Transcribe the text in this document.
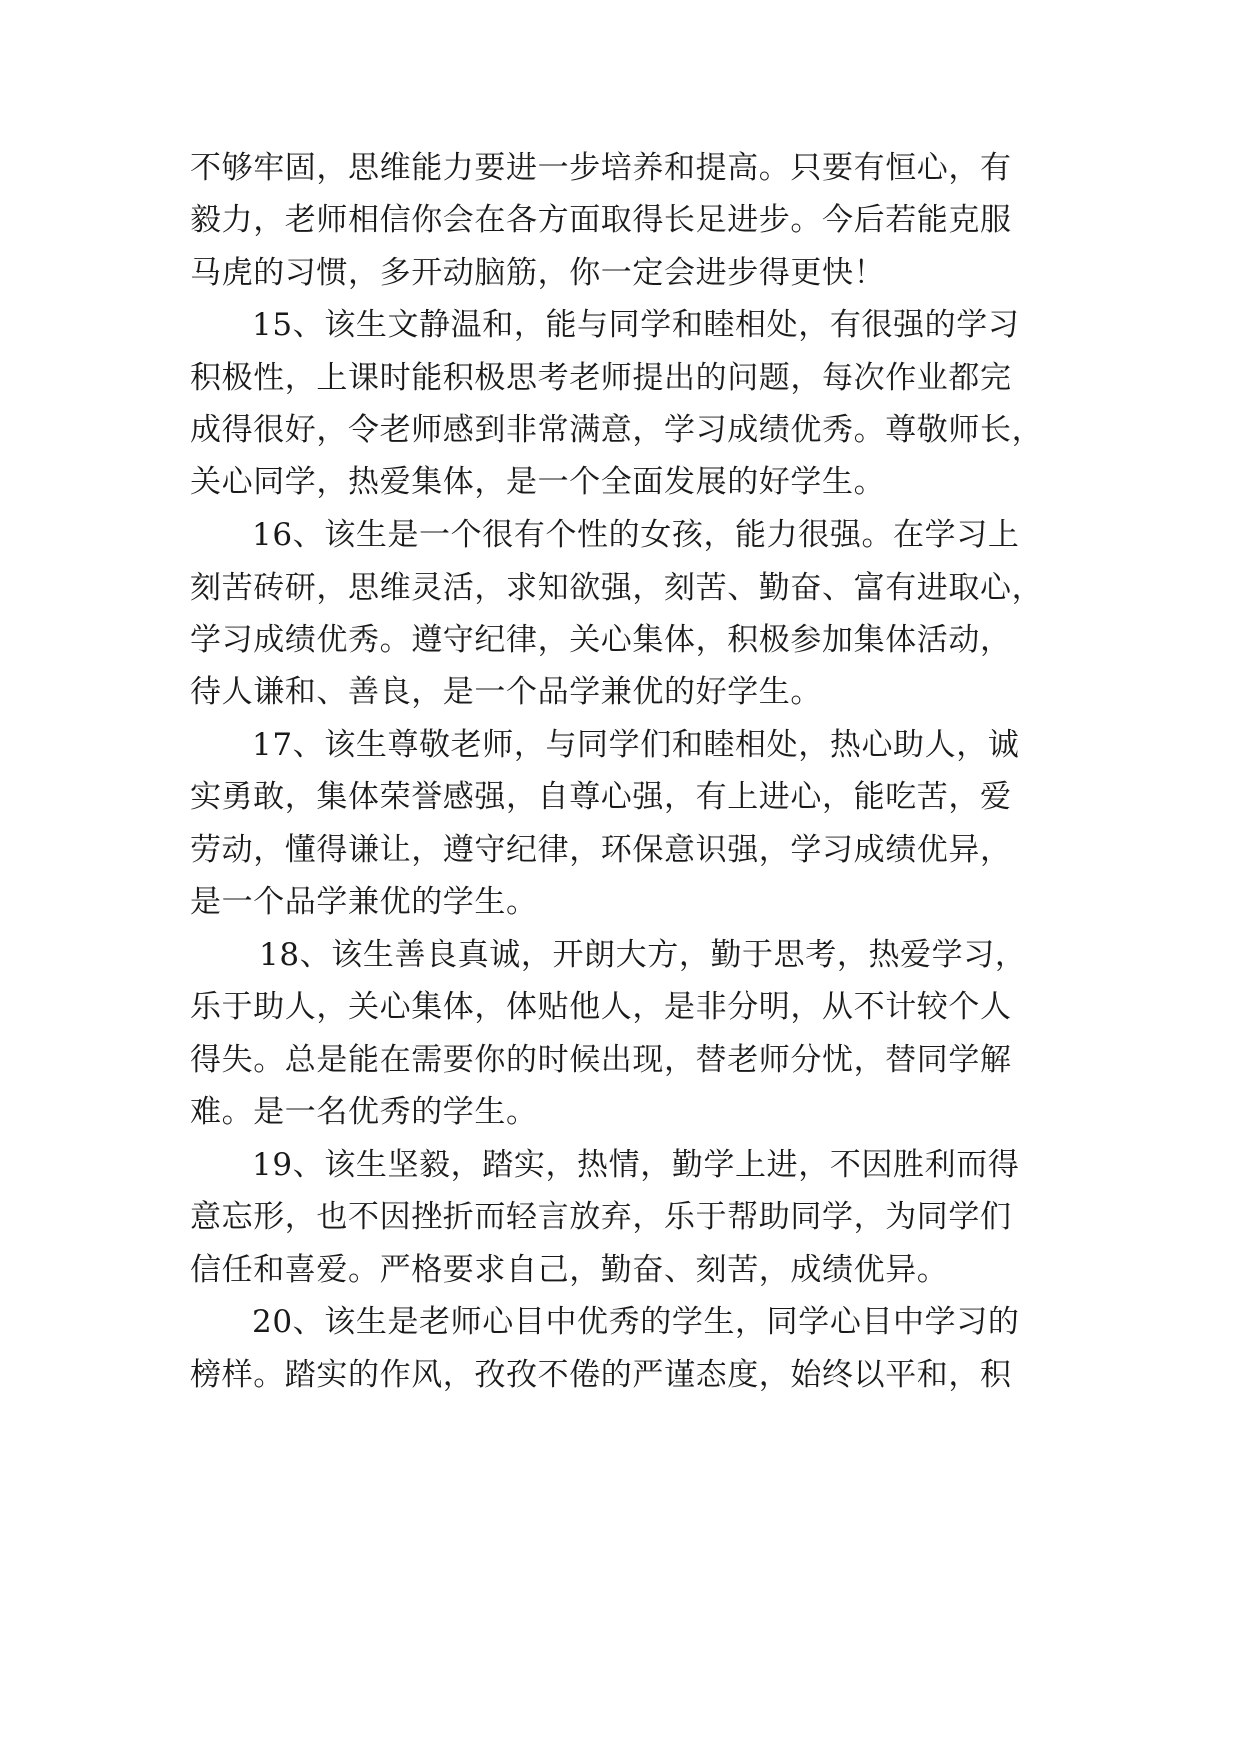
不够牢固，思维能力要进一步培养和提高。只要有恒心，有
毅力，老师相信你会在各方面取得长足进步。今后若能克服
马虎的习惯，多开动脑筋，你一定会进步得更快！
15、该生文静温和，能与同学和睦相处，有很强的学习
积极性，上课时能积极思考老师提出的问题，每次作业都完
成得很好，令老师感到非常满意，学习成绩优秀。尊敬师长，
关心同学，热爱集体，是一个全面发展的好学生。
16、该生是一个很有个性的女孩，能力很强。在学习上
刻苦砖研，思维灵活，求知欲强，刻苦、勤奋、富有进取心，
学习成绩优秀。遵守纪律，关心集体，积极参加集体活动，
待人谦和、善良，是一个品学兼优的好学生。
17、该生尊敬老师，与同学们和睦相处，热心助人，诚
实勇敢，集体荣誉感强，自尊心强，有上进心，能吃苦，爱
劳动，懂得谦让，遵守纪律，环保意识强，学习成绩优异，
是一个品学兼优的学生。
18、该生善良真诚，开朗大方，勤于思考，热爱学习，
乐于助人，关心集体，体贴他人，是非分明，从不计较个人
得失。总是能在需要你的时候出现，替老师分忧，替同学解
难。是一名优秀的学生。
19、该生坚毅，踏实，热情，勤学上进，不因胜利而得
意忘形，也不因挫折而轻言放弃，乐于帮助同学，为同学们
信任和喜爱。严格要求自己，勤奋、刻苦，成绩优异。
20、该生是老师心目中优秀的学生，同学心目中学习的
榜样。踏实的作风，孜孜不倦的严谨态度，始终以平和，积
